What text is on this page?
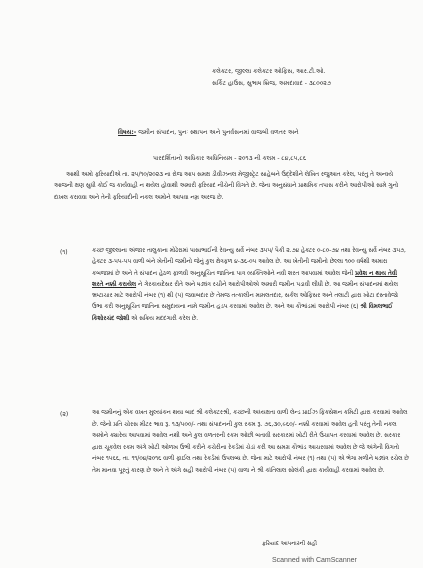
કલેક્ટર, જીલ્લા કલેક્ટર ઓફિસ, આર.ટી.ઓ.
સર્કિટ હાઉસ, સુભાષ બ્રિજ, અમદાવાદ - ૩૮૦૦૨૭
વિષય:- જમીન સંપાદન, પુનઃ સ્થાપન અને પુનર્વસનમાં વાજબી વળતર અને
પારદર્શિતાનો અધિકાર અધિનિયમ - ૨૦૧૩ ની કલમ - ૮૪,૮૫,૮૬
આથી અમો ફરિયાદીએ તા. ૨૫/૧૦/૨૦૨૩ ના રોજ આપ સમક્ષ ડીવીઝનલ મેજીસ્ટ્રેટ સાહેબને ઉદ્દેશીને લેખિત રજુઆત કરેલ, પરંતુ તે અન્વયે આજની ક્ષણ સુધી કોઈ જ કાર્યવાહી ન થયેલ હોવાથી અમારી ફરિયાદ નીચેની વિગતે છે. જેના અનુસંધાને પ્રાથમિક તપાસ કરીને આરોપીઓ સામે ગુનો દાખલ કરાવવા અને તેની ફરિયાદીની નકલ અમોને આપવા નમ્ર અરજ છે.
(૧)	કચ્છ જીલ્લાના અંજાર તાલુકાના મોઢેરામાં પાસાભાઈની રેવન્યુ સર્વે નંબર ૩૫૫/ પૈકી ૨.૭૪ હેક્ટર ૦-૮૦-૭૪ તથા રેવન્યુ સર્વે નંબર ૩૫૭, હેક્ટર ૩-૫૫-૫૫ વાળી બંને ખેતીની જમીનો જેનું કુલ ક્ષેત્રફળ ૪-૩૬-૦૫ આવેલ છે. આ ખેતીની જમીનો છેલ્લા ૧૦૦ વર્ષથી અમારા કબજામાં છે અને તે સંપાદન હેઠળ ફાળવી અનુસૂચિત જાતિના પાત્ર વ્યક્તિઓને નવી શરત આપવામાં આવેલ જેની પ્રવેશ ન થાય તેવી શરતે નક્કી કરાયેલ ને ગેરકાયદેસર રીતે અને ષડ્યંત્ર રચીને આરોપીઓએ અમારી જમીન પડાવી લીધી છે. આ જમીન સંપાદનમાં થયેલ ભ્રષ્ટાચાર માટે આરોપી નંબર (૧) થી (૫) જવાબદાર છે તેમજ તત્કાલીન મામલતદાર, સર્કલ ઓફિસર અને તલાટી દ્વારા ખોટા દસ્તાવેજો ઉભા કરી અનુસૂચિત જાતિના સમુદાયના નામે જમીન હડપ કરવામાં આવેલ છે. અને આ કૌભાંડમાં આરોપી નંબર (૬) શ્રી વિમલભાઈ કિશોરચંદ જોશી એ સક્રિય મદદગારી કરેલ છે.
(૨)	આ જમીનનું એક વખત મુલ્યાંકન થયા બાદ શ્રી કલેક્ટરશ્રી, કચ્છની અધ્યક્ષતા વાળી લેન્ડ પ્રાઈઝ ફિક્સેશન કમિટી દ્વારા કરવામાં આવેલ છે. જેનો પ્રતિ ચોરસ મીટર ભાવ રૂ. ૧૩/૫૦૦/- તથા સંપાદનની કુલ રકમ રૂ. ૭૬,૩૦,૯૬૦/- નક્કી કરવામાં આવેલ હતી પરંતુ તેની નકલ અમોને ક્યારેય આપવામાં આવેલ નથી અને કુલ વળતરની રકમ ઓછી બતાવી સરકારમાં ખોટી રીતે ઉચાપત કરવામાં આવેલ છે. સરકાર દ્વારા ચૂકવેલ રકમ અંગે ખોટી ઓળખ ઉભી કરીને કચેરીના રેકર્ડમાં ચેડાં કરી આ સમગ્ર કૌભાંડ આચરવામાં આવેલ છે જે અંગેની વિગતો નંબર ૧૫૬૬, તા. ૧૧/૦૪/૨૦૧૬ વાળી ફાઈલ તથા રેકર્ડમાં ઉપલબ્ધ છે. જેના માટે આરોપી નંબર (૧) તથા (૫) એ ભેગા મળીને ષડ્યંત્ર રચેલ છે તેમ માનવા પૂરતું કારણ છે અને તે અંગે સહી આરોપી નંબર (૫) વાળા ને શ્રી કાંતિલાલ સોલંકી દ્વારા કાર્યવાહી કરવામાં આવેલ છે.
ફરિયાદ આપનારની સહી
Scanned with CamScanner
